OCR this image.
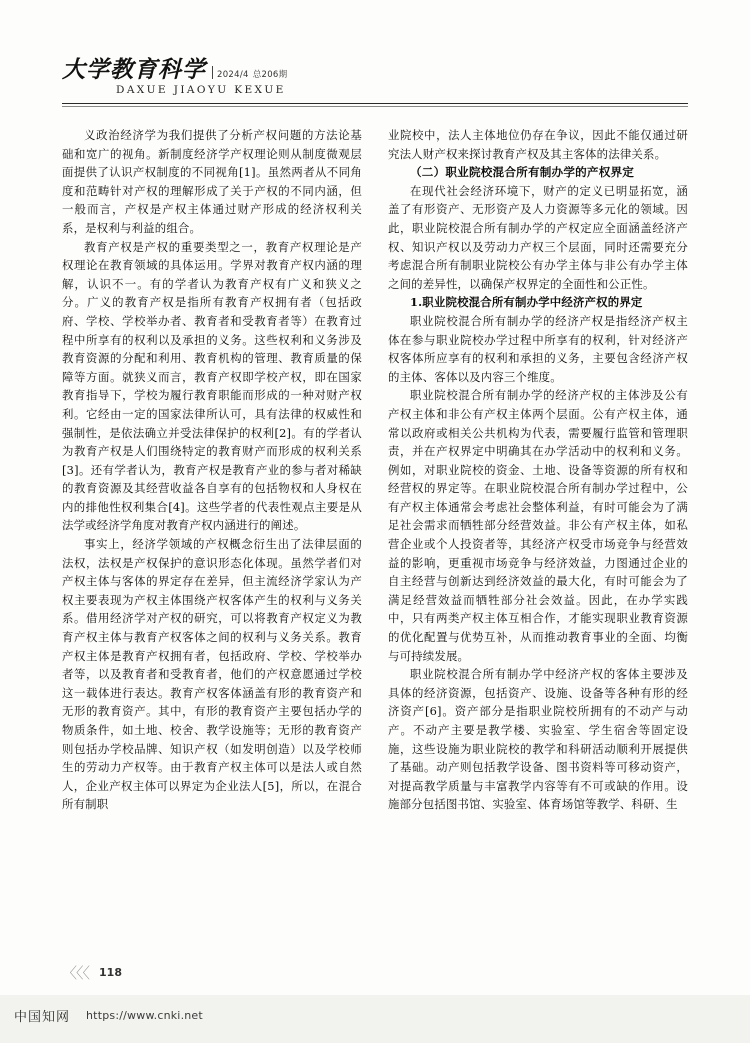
大学教育科学 2024/4 总206期
DAXUE JIAOYU KEXUE

义政治经济学为我们提供了分析产权问题的方法论基础和宽广的视角。新制度经济学产权理论则从制度微观层面提供了认识产权制度的不同视角[1]。虽然两者从不同角度和范畴针对产权的理解形成了关于产权的不同内涵，但一般而言，产权是产权主体通过财产形成的经济权利关系，是权利与利益的组合。

教育产权是产权的重要类型之一，教育产权理论是产权理论在教育领域的具体运用。学界对教育产权内涵的理解，认识不一。有的学者认为教育产权有广义和狭义之分。广义的教育产权是指所有教育产权拥有者（包括政府、学校、学校举办者、教育者和受教育者等）在教育过程中所享有的权利以及承担的义务。这些权利和义务涉及教育资源的分配和利用、教育机构的管理、教育质量的保障等方面。就狭义而言，教育产权即学校产权，即在国家教育指导下，学校为履行教育职能而形成的一种对财产权利。它经由一定的国家法律所认可，具有法律的权威性和强制性，是依法确立并受法律保护的权利[2]。有的学者认为教育产权是人们围绕特定的教育财产而形成的权利关系[3]。还有学者认为，教育产权是教育产业的参与者对稀缺的教育资源及其经营收益各自享有的包括物权和人身权在内的排他性权利集合[4]。这些学者的代表性观点主要是从法学或经济学角度对教育产权内涵进行的阐述。

事实上，经济学领域的产权概念衍生出了法律层面的法权，法权是产权保护的意识形态化体现。虽然学者们对产权主体与客体的界定存在差异，但主流经济学家认为产权主要表现为产权主体围绕产权客体产生的权利与义务关系。借用经济学对产权的研究，可以将教育产权定义为教育产权主体与教育产权客体之间的权利与义务关系。教育产权主体是教育产权拥有者，包括政府、学校、学校举办者等，以及教育者和受教育者，他们的产权意愿通过学校这一载体进行表达。教育产权客体涵盖有形的教育资产和无形的教育资产。其中，有形的教育资产主要包括办学的物质条件，如土地、校舍、教学设施等；无形的教育资产则包括办学校品牌、知识产权（如发明创造）以及学校师生的劳动力产权等。由于教育产权主体可以是法人或自然人，企业产权主体可以界定为企业法人[5]，所以，在混合所有制职

业院校中，法人主体地位仍存在争议，因此不能仅通过研究法人财产权来探讨教育产权及其主客体的法律关系。

（二）职业院校混合所有制办学的产权界定

在现代社会经济环境下，财产的定义已明显拓宽，涵盖了有形资产、无形资产及人力资源等多元化的领域。因此，职业院校混合所有制办学的产权定应全面涵盖经济产权、知识产权以及劳动力产权三个层面，同时还需要充分考虑混合所有制职业院校公有办学主体与非公有办学主体之间的差异性，以确保产权界定的全面性和公正性。

1.职业院校混合所有制办学中经济产权的界定

职业院校混合所有制办学的经济产权是指经济产权主体在参与职业院校办学过程中所享有的权利，针对经济产权客体所应享有的权利和承担的义务，主要包含经济产权的主体、客体以及内容三个维度。

职业院校混合所有制办学的经济产权的主体涉及公有产权主体和非公有产权主体两个层面。公有产权主体，通常以政府或相关公共机构为代表，需要履行监管和管理职责，并在产权界定中明确其在办学活动中的权利和义务。例如，对职业院校的资金、土地、设备等资源的所有权和经营权的界定等。在职业院校混合所有制办学过程中，公有产权主体通常会考虑社会整体利益，有时可能会为了满足社会需求而牺牲部分经营效益。非公有产权主体，如私营企业或个人投资者等，其经济产权受市场竞争与经营效益的影响，更重视市场竞争与经济效益，力图通过企业的自主经营与创新达到经济效益的最大化，有时可能会为了满足经营效益而牺牲部分社会效益。因此，在办学实践中，只有两类产权主体互相合作，才能实现职业教育资源的优化配置与优势互补，从而推动教育事业的全面、均衡与可持续发展。

职业院校混合所有制办学中经济产权的客体主要涉及具体的经济资源，包括资产、设施、设备等各种有形的经济资产[6]。资产部分是指职业院校所拥有的不动产与动产。不动产主要是教学楼、实验室、学生宿舍等固定设施，这些设施为职业院校的教学和科研活动顺利开展提供了基础。动产则包括教学设备、图书资料等可移动资产，对提高教学质量与丰富教学内容等有不可或缺的作用。设施部分包括图书馆、实验室、体育场馆等教学、科研、生

〈〈〈 118
中国知网 https://www.cnki.net
